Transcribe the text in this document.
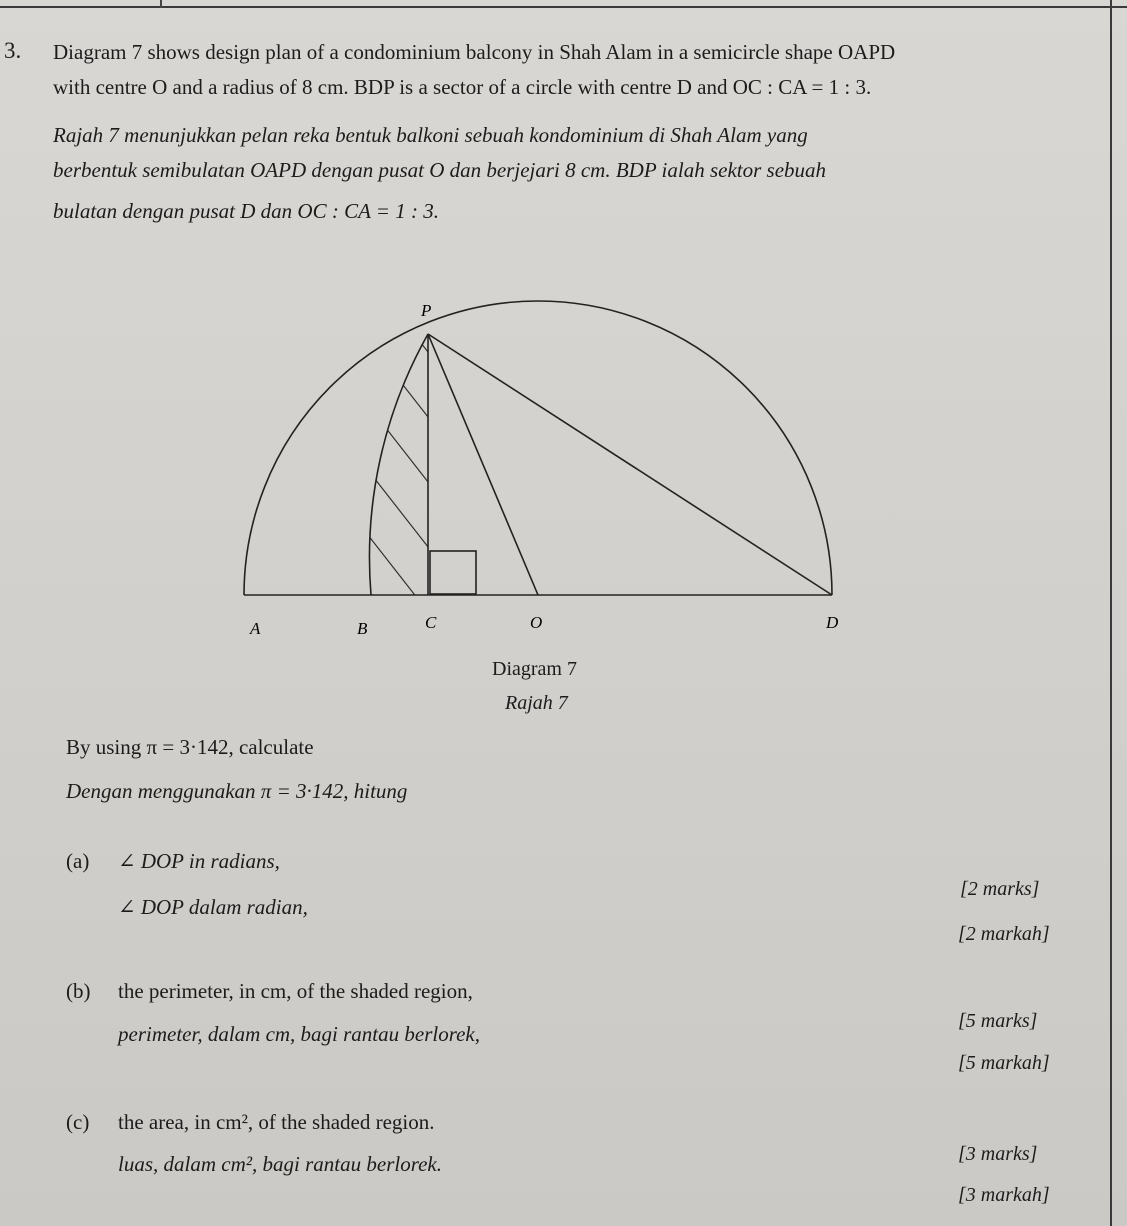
3. Diagram 7 shows design plan of a condominium balcony in Shah Alam in a semicircle shape OAPD
with centre O and a radius of 8 cm. BDP is a sector of a circle with centre D and OC : CA = 1 : 3.
Rajah 7 menunjukkan pelan reka bentuk balkoni sebuah kondominium di Shah Alam yang
berbentuk semibulatan OAPD dengan pusat O dan berjejari 8 cm. BDP ialah sektor sebuah
bulatan dengan pusat D dan OC : CA = 1 : 3.
P
A	B	C	O	D
Diagram 7
Rajah 7
By using π = 3·142, calculate
Dengan menggunakan π = 3·142, hitung
(a) ∠ DOP in radians,
∠ DOP dalam radian,
[2 marks]
[2 markah]
(b) the perimeter, in cm, of the shaded region,
perimeter, dalam cm, bagi rantau berlorek,
[5 marks]
[5 markah]
(c) the area, in cm², of the shaded region.
luas, dalam cm², bagi rantau berlorek.	[3 marks]
[3 markah]
